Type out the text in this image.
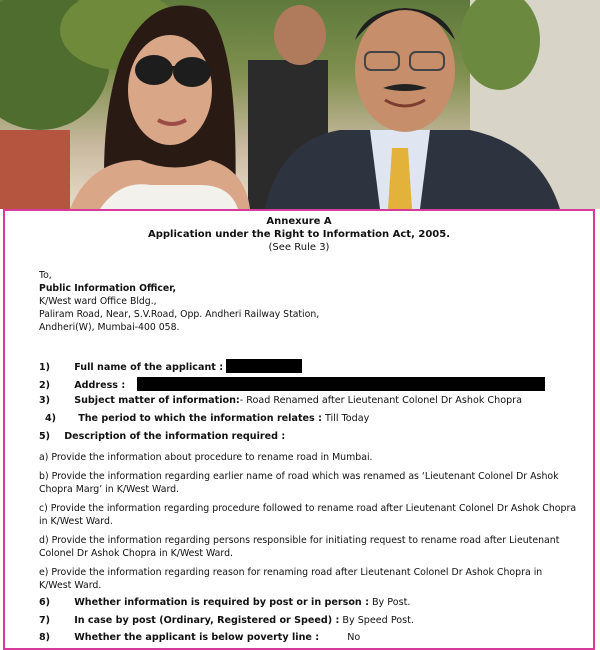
Annexure A
Application under the Right to Information Act, 2005.
(See Rule 3)
To,
Public Information Officer,
K/West ward Office Bldg.,
Paliram Road, Near, S.V.Road, Opp. Andheri Railway Station,
Andheri(W), Mumbai-400 058.
1)	Full name of the applicant :
2)	Address :
3)	Subject matter of information:- Road Renamed after Lieutenant Colonel Dr Ashok Chopra
4) The period to which the information relates : Till Today
5) Description of the information required :
a) Provide the information about procedure to rename road in Mumbai.
b) Provide the information regarding earlier name of road which was renamed as ‘Lieutenant Colonel Dr Ashok Chopra Marg’ in K/West Ward.
c) Provide the information regarding procedure followed to rename road after Lieutenant Colonel Dr Ashok Chopra in K/West Ward.
d) Provide the information regarding persons responsible for initiating request to rename road after Lieutenant Colonel Dr Ashok Chopra in K/West Ward.
e) Provide the information regarding reason for renaming road after Lieutenant Colonel Dr Ashok Chopra in K/West Ward.
6)	Whether information is required by post or in person : By Post.
7)	In case by post (Ordinary, Registered or Speed) : By Speed Post.
8)	Whether the applicant is below poverty line :	No
